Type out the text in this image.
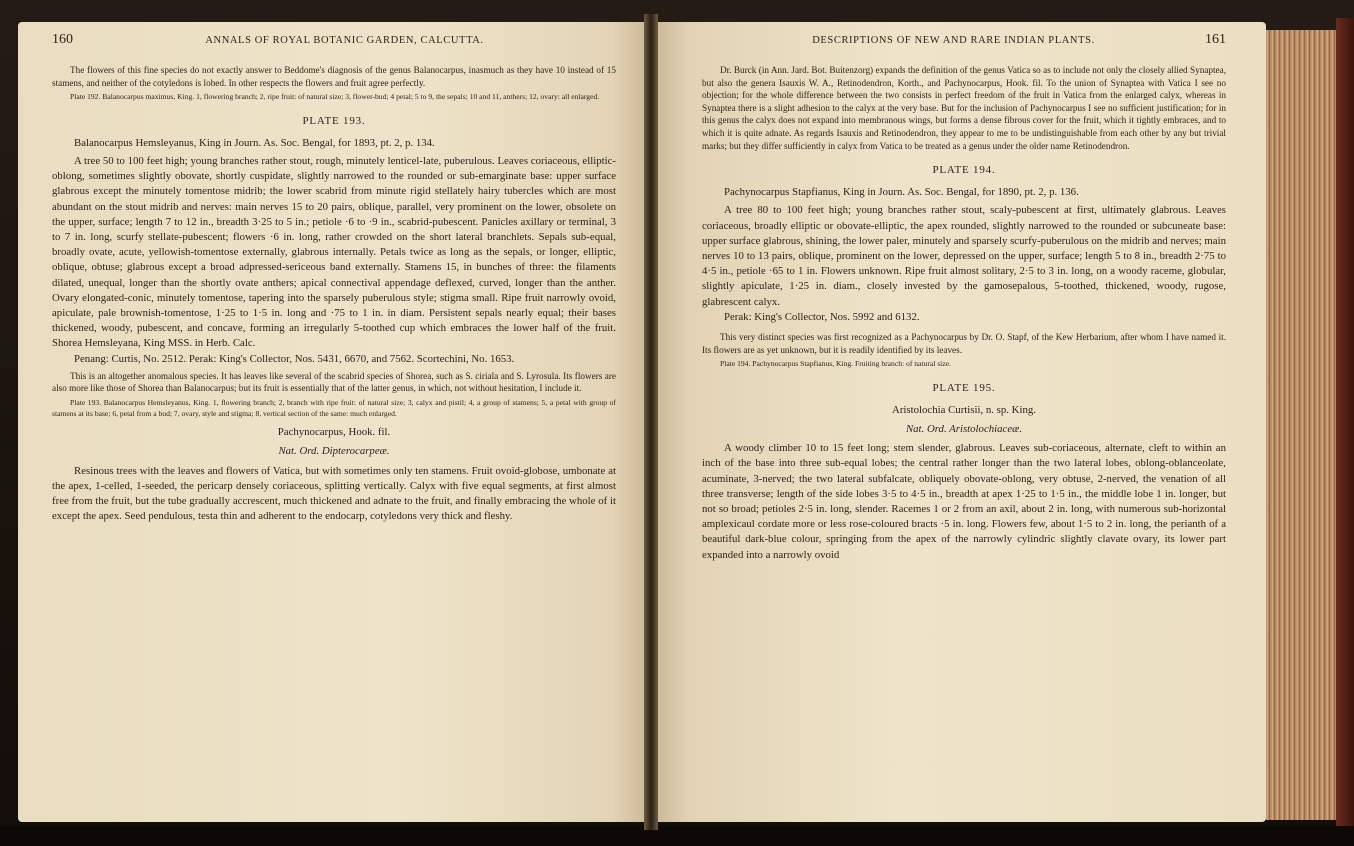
160	ANNALS OF ROYAL BOTANIC GARDEN, CALCUTTA.

The flowers of this fine species do not exactly answer to Beddome's diagnosis of the genus Balanocarpus, inasmuch as they have 10 instead of 15 stamens, and neither of the cotyledons is lobed. In other respects the flowers and fruit agree perfectly.

Plate 192. Balanocarpus maximus, King. 1, flowering branch; 2, ripe fruit: of natural size; 3, flower-bud; 4 petal; 5 to 9, the sepals; 10 and 11, anthers; 12, ovary: all enlarged.

PLATE 193.

Balanocarpus Hemsleyanus, King in Journ. As. Soc. Bengal, for 1893, pt. 2, p. 134.

A tree 50 to 100 feet high; young branches rather stout, rough, minutely lenticel-late, puberulous. Leaves coriaceous, elliptic-oblong, sometimes slightly obovate, shortly cuspidate, slightly narrowed to the rounded or sub-emarginate base: upper surface glabrous except the minutely tomentose midrib; the lower scabrid from minute rigid stellately hairy tubercles which are most abundant on the stout midrib and nerves: main nerves 15 to 20 pairs, oblique, parallel, very prominent on the lower, obsolete on the upper, surface; length 7 to 12 in., breadth 3·25 to 5 in.; petiole ·6 to ·9 in., scabrid-pubescent. Panicles axillary or terminal, 3 to 7 in. long, scurfy stellate-pubescent; flowers ·6 in. long, rather crowded on the short lateral branchlets. Sepals sub-equal, broadly ovate, acute, yellowish-tomentose externally, glabrous internally. Petals twice as long as the sepals, or longer, elliptic, oblique, obtuse; glabrous except a broad adpressed-sericeous band externally. Stamens 15, in bunches of three: the filaments dilated, unequal, longer than the shortly ovate anthers; apical connectival appendage deflexed, curved, longer than the anther. Ovary elongated-conic, minutely tomentose, tapering into the sparsely puberulous style; stigma small. Ripe fruit narrowly ovoid, apiculate, pale brownish-tomentose, 1·25 to 1·5 in. long and ·75 to 1 in. in diam. Persistent sepals nearly equal; their bases thickened, woody, pubescent, and concave, forming an irregularly 5-toothed cup which embraces the lower half of the fruit. Shorea Hemsleyana, King MSS. in Herb. Calc.

Penang: Curtis, No. 2512. Perak: King's Collector, Nos. 5431, 6670, and 7562. Scortechini, No. 1653.

This is an altogether anomalous species. It has leaves like several of the scabrid species of Shorea, such as S. ciriala and S. Lyrosula. Its flowers are also more like those of Shorea than Balanocarpus; but its fruit is essentially that of the latter genus, in which, not without hesitation, I include it.

Plate 193. Balanocarpus Hemsleyanus, King. 1, flowering branch; 2, branch with ripe fruit: of natural size; 3, calyx and pistil; 4, a group of stamens; 5, a petal with group of stamens at its base; 6, petal from a bud; 7, ovary, style and stigma; 8, vertical section of the same: much enlarged.

Pachynocarpus, Hook. fil.
Nat. Ord. Dipterocarpeæ.

Resinous trees with the leaves and flowers of Vatica, but with sometimes only ten stamens. Fruit ovoid-globose, umbonate at the apex, 1-celled, 1-seeded, the pericarp densely coriaceous, splitting vertically. Calyx with five equal segments, at first almost free from the fruit, but the tube gradually accrescent, much thickened and adnate to the fruit, and finally embracing the whole of it except the apex. Seed pendulous, testa thin and adherent to the endocarp, cotyledons very thick and fleshy.

DESCRIPTIONS OF NEW AND RARE INDIAN PLANTS.	161

Dr. Burck (in Ann. Jard. Bot. Buitenzorg) expands the definition of the genus Vatica so as to include not only the closely allied Synaptea, but also the genera Isauxis W. A., Retinodendron, Korth., and Pachynocarpus, Hook. fil. To the union of Synaptea with Vatica I see no objection; for the whole difference between the two consists in perfect freedom of the fruit in Vatica from the enlarged calyx, whereas in Synaptea there is a slight adhesion to the calyx at the very base. But for the inclusion of Pachynocarpus I see no sufficient justification; for in this genus the calyx does not expand into membranous wings, but forms a dense fibrous cover for the fruit, which it tightly embraces, and to which it is quite adnate. As regards Isauxis and Retinodendron, they appear to me to be undistinguishable from each other by any but trivial marks; but they differ sufficiently in calyx from Vatica to be treated as a genus under the older name Retinodendron.

PLATE 194.

Pachynocarpus Stapfianus, King in Journ. As. Soc. Bengal, for 1890, pt. 2, p. 136.

A tree 80 to 100 feet high; young branches rather stout, scaly-pubescent at first, ultimately glabrous. Leaves coriaceous, broadly elliptic or obovate-elliptic, the apex rounded, slightly narrowed to the rounded or subcuneate base: upper surface glabrous, shining, the lower paler, minutely and sparsely scurfy-puberulous on the midrib and nerves; main nerves 10 to 13 pairs, oblique, prominent on the lower, depressed on the upper, surface; length 5 to 8 in., breadth 2·75 to 4·5 in., petiole ·65 to 1 in. Flowers unknown. Ripe fruit almost solitary, 2·5 to 3 in. long, on a woody raceme, globular, slightly apiculate, 1·25 in. diam., closely invested by the gamosepalous, 5-toothed, thickened, woody, rugose, glabrescent calyx.

Perak: King's Collector, Nos. 5992 and 6132.

This very distinct species was first recognized as a Pachynocarpus by Dr. O. Stapf, of the Kew Herbarium, after whom I have named it. Its flowers are as yet unknown, but it is readily identified by its leaves.

Plate 194. Pachynocarpus Stapfianus, King. Fruiting branch: of natural size.

PLATE 195.
Aristolochia Curtisii, n. sp. King.
Nat. Ord. Aristolochiaceæ.

A woody climber 10 to 15 feet long; stem slender, glabrous. Leaves sub-coriaceous, alternate, cleft to within an inch of the base into three sub-equal lobes; the central rather longer than the two lateral lobes, oblong-oblanceolate, acuminate, 3-nerved; the two lateral subfalcate, obliquely obovate-oblong, very obtuse, 2-nerved, the venation of all three transverse; length of the side lobes 3·5 to 4·5 in., breadth at apex 1·25 to 1·5 in., the middle lobe 1 in. longer, but not so broad; petioles 2·5 in. long, slender. Racemes 1 or 2 from an axil, about 2 in. long, with numerous sub-horizontal amplexicaul cordate more or less rose-coloured bracts ·5 in. long. Flowers few, about 1·5 to 2 in. long, the perianth of a beautiful dark-blue colour, springing from the apex of the narrowly cylindric slightly clavate ovary, its lower part expanded into a narrowly ovoid
